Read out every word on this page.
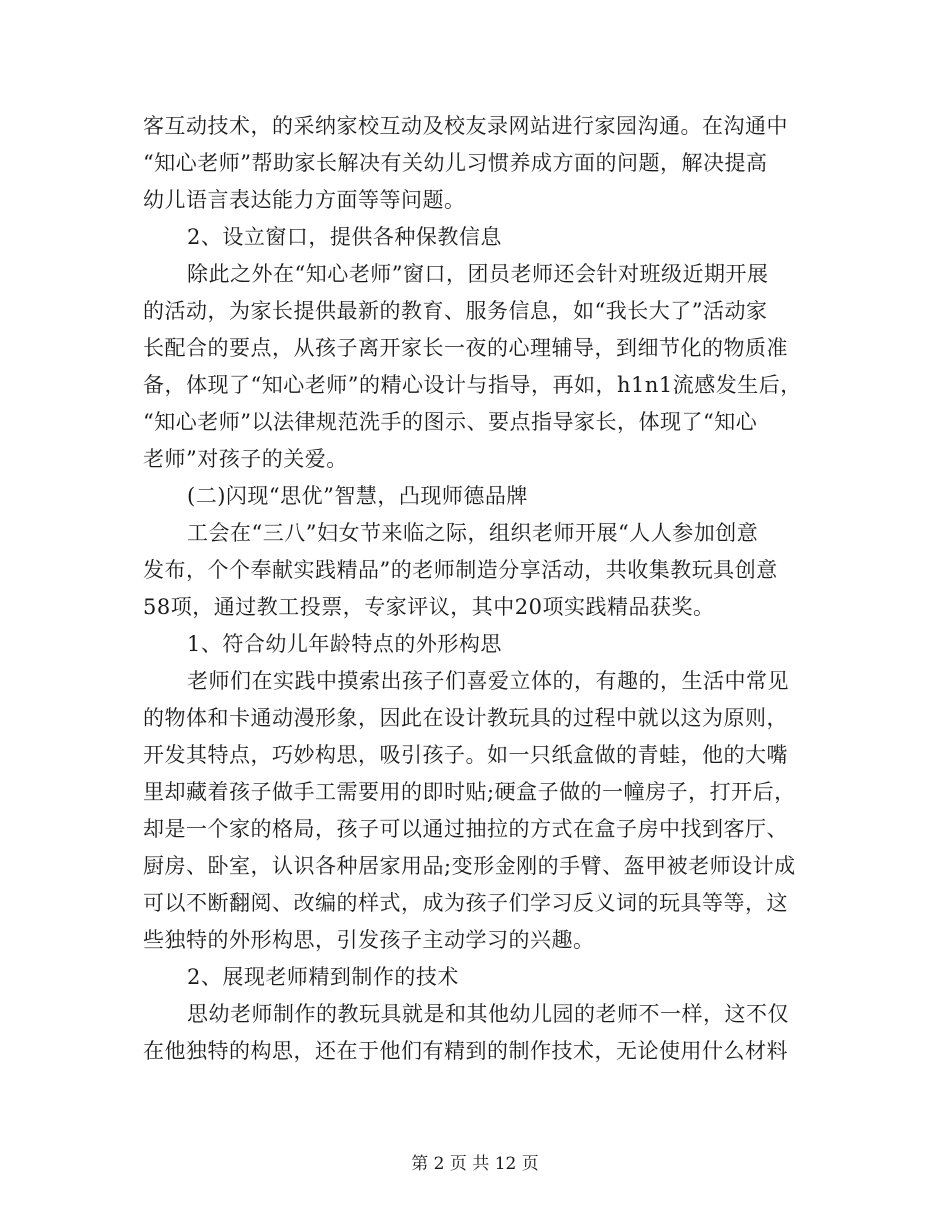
客互动技术，的采纳家校互动及校友录网站进行家园沟通。在沟通中
“知心老师”帮助家长解决有关幼儿习惯养成方面的问题，解决提高
幼儿语言表达能力方面等等问题。
2、设立窗口，提供各种保教信息
除此之外在“知心老师”窗口，团员老师还会针对班级近期开展
的活动，为家长提供最新的教育、服务信息，如“我长大了”活动家
长配合的要点，从孩子离开家长一夜的心理辅导，到细节化的物质准
备，体现了“知心老师”的精心设计与指导，再如，h1n1流感发生后，
“知心老师”以法律规范洗手的图示、要点指导家长，体现了“知心
老师”对孩子的关爱。
(二)闪现“思优”智慧，凸现师德品牌
工会在“三八”妇女节来临之际，组织老师开展“人人参加创意
发布，个个奉献实践精品”的老师制造分享活动，共收集教玩具创意
58项，通过教工投票，专家评议，其中20项实践精品获奖。
1、符合幼儿年龄特点的外形构思
老师们在实践中摸索出孩子们喜爱立体的，有趣的，生活中常见
的物体和卡通动漫形象，因此在设计教玩具的过程中就以这为原则，
开发其特点，巧妙构思，吸引孩子。如一只纸盒做的青蛙，他的大嘴
里却藏着孩子做手工需要用的即时贴;硬盒子做的一幢房子，打开后，
却是一个家的格局，孩子可以通过抽拉的方式在盒子房中找到客厅、
厨房、卧室，认识各种居家用品;变形金刚的手臂、盔甲被老师设计成
可以不断翻阅、改编的样式，成为孩子们学习反义词的玩具等等，这
些独特的外形构思，引发孩子主动学习的兴趣。
2、展现老师精到制作的技术
思幼老师制作的教玩具就是和其他幼儿园的老师不一样，这不仅
在他独特的构思，还在于他们有精到的制作技术，无论使用什么材料
第 2 页 共 12 页
